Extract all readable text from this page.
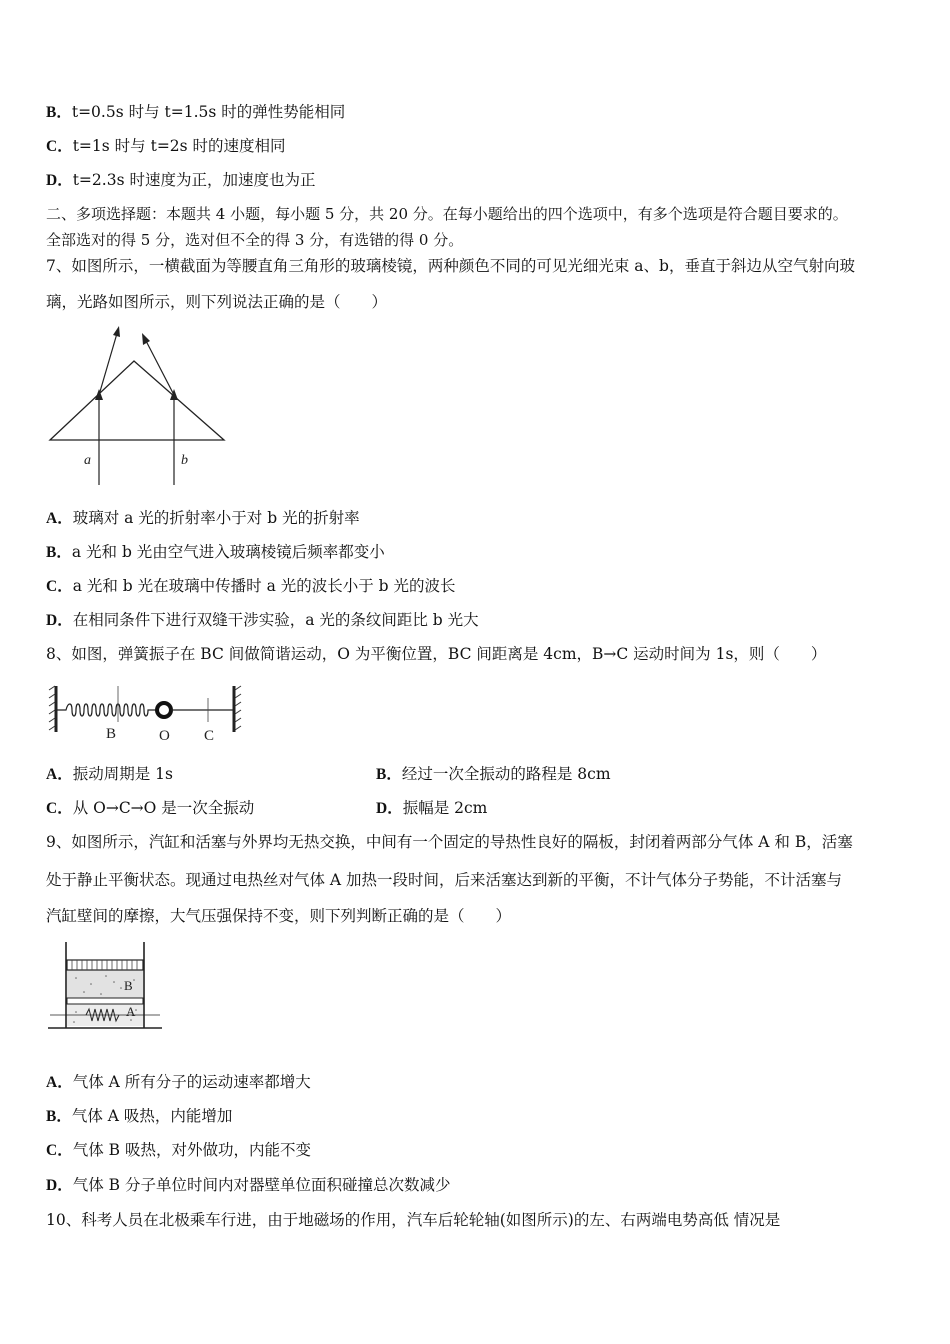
B．t=0.5s 时与 t=1.5s 时的弹性势能相同
C．t=1s 时与 t=2s 时的速度相同
D．t=2.3s 时速度为正，加速度也为正
二、多项选择题：本题共 4 小题，每小题 5 分，共 20 分。在每小题给出的四个选项中，有多个选项是符合题目要求的。
全部选对的得 5 分，选对但不全的得 3 分，有选错的得 0 分。
7、如图所示，一横截面为等腰直角三角形的玻璃棱镜，两种颜色不同的可见光细光束 a、b，垂直于斜边从空气射向玻
璃，光路如图所示，则下列说法正确的是（　　）
a	b
A．玻璃对 a 光的折射率小于对 b 光的折射率
B．a 光和 b 光由空气进入玻璃棱镜后频率都变小
C．a 光和 b 光在玻璃中传播时 a 光的波长小于 b 光的波长
D．在相同条件下进行双缝干涉实验，a 光的条纹间距比 b 光大
8、如图，弹簧振子在 BC 间做简谐运动，O 为平衡位置，BC 间距离是 4cm，B→C 运动时间为 1s，则（　　）
B	O C
A．振动周期是 1s	B．经过一次全振动的路程是 8cm
C．从 O→C→O 是一次全振动	D．振幅是 2cm
9、如图所示，汽缸和活塞与外界均无热交换，中间有一个固定的导热性良好的隔板，封闭着两部分气体 A 和 B，活塞
处于静止平衡状态。现通过电热丝对气体 A 加热一段时间，后来活塞达到新的平衡，不计气体分子势能，不计活塞与
汽缸壁间的摩擦，大气压强保持不变，则下列判断正确的是（　　）
B
A
A．气体 A 所有分子的运动速率都增大
B．气体 A 吸热，内能增加
C．气体 B 吸热，对外做功，内能不变
D．气体 B 分子单位时间内对器壁单位面积碰撞总次数减少
10、科考人员在北极乘车行进，由于地磁场的作用，汽车后轮轮轴(如图所示)的左、右两端电势高低 情况是
